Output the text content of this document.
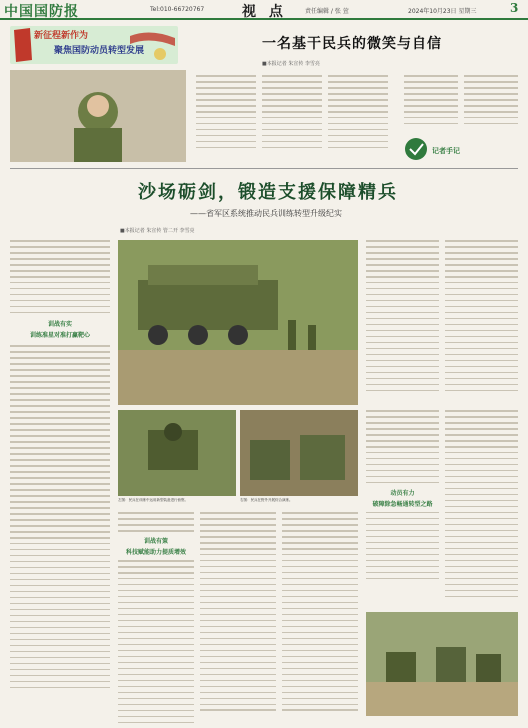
中国国防报	Tel:010-66720767	视 点	责任编辑 / 张 萱	2024年10月23日 星期三	3
新征程新作为
聚焦国防动员转型发展	一名基干民兵的微笑与自信
■本报记者 朱宣传 李雪亮
记者手记
沙场砺剑，锻造支援保障精兵
——省军区系统推动民兵训练转型升级纪实
■本报记者 朱宣传 管二开 李雪亮
训战有实
训练准星对准打赢靶心
左图：民兵在训练中运用新型装备进行侦察。	右图：民兵在野外开展综合演练。
训战有策
科技赋能助力提质增效
动员有力
破障除急畅通转型之路
